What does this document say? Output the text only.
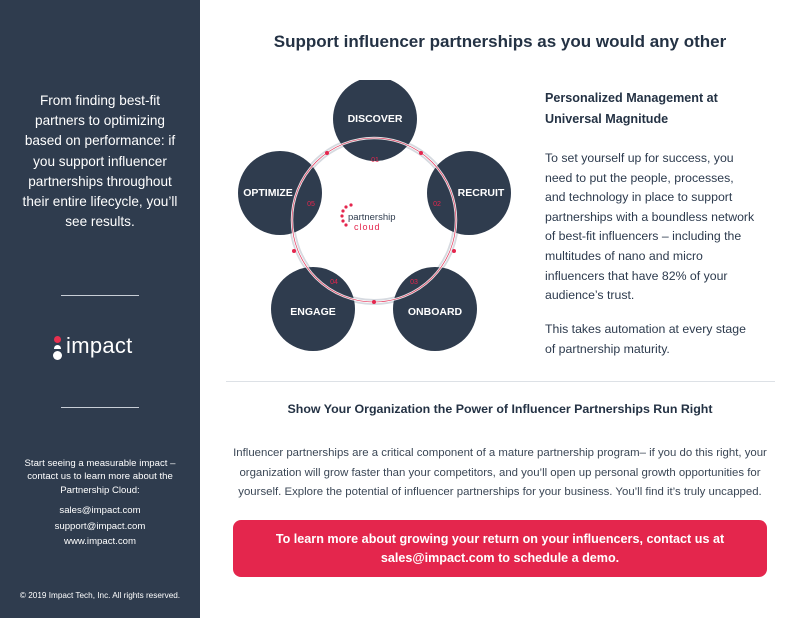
From finding best-fit
partners to optimizing
based on performance: if
you support influencer
partnerships throughout
their entire lifecycle, you’ll
see results.
impact
Start seeing a measurable impact – contact us to learn more about the Partnership Cloud:
sales@impact.com
support@impact.com
www.impact.com
© 2019 Impact Tech, Inc. All rights reserved.
Support influencer partnerships as you would any other
DISCOVER
01
RECRUIT
02
ONBOARD
03
ENGAGE
04
OPTIMIZE
05
partnership
cloud
Personalized Management at
Universal Magnitude
To set yourself up for success, you
need to put the people, processes,
and technology in place to support
partnerships with a boundless network
of best-fit influencers – including the
multitudes of nano and micro
influencers that have 82% of your
audience’s trust.
This takes automation at every stage
of partnership maturity.
Show Your Organization the Power of Influencer Partnerships Run Right
Influencer partnerships are a critical component of a mature partnership program– if you do this right, your
organization will grow faster than your competitors, and you’ll open up personal growth opportunities for
yourself. Explore the potential of influencer partnerships for your business. You’ll find it’s truly uncapped.
To learn more about growing your return on your influencers, contact us at
sales@impact.com to schedule a demo.
